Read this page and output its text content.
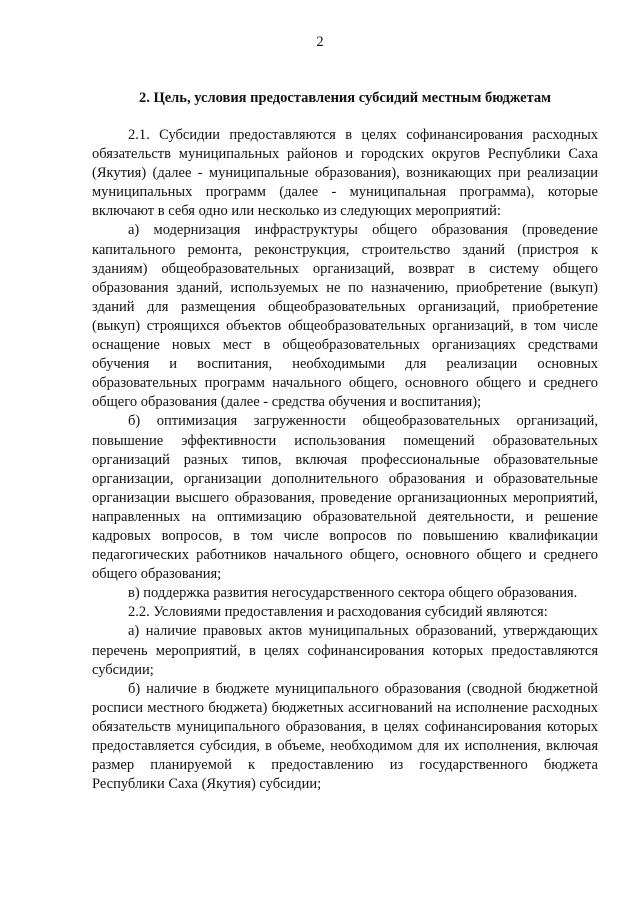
2
2. Цель, условия предоставления субсидий местным бюджетам

2.1. Субсидии предоставляются в целях софинансирования расходных обязательств муниципальных районов и городских округов Республики Саха (Якутия) (далее - муниципальные образования), возникающих при реализации муниципальных программ (далее - муниципальная программа), которые включают в себя одно или несколько из следующих мероприятий:

а) модернизация инфраструктуры общего образования (проведение капитального ремонта, реконструкция, строительство зданий (пристроя к зданиям) общеобразовательных организаций, возврат в систему общего образования зданий, используемых не по назначению, приобретение (выкуп) зданий для размещения общеобразовательных организаций, приобретение (выкуп) строящихся объектов общеобразовательных организаций, в том числе оснащение новых мест в общеобразовательных организациях средствами обучения и воспитания, необходимыми для реализации основных образовательных программ начального общего, основного общего и среднего общего образования (далее - средства обучения и воспитания);

б) оптимизация загруженности общеобразовательных организаций, повышение эффективности использования помещений образовательных организаций разных типов, включая профессиональные образовательные организации, организации дополнительного образования и образовательные организации высшего образования, проведение организационных мероприятий, направленных на оптимизацию образовательной деятельности, и решение кадровых вопросов, в том числе вопросов по повышению квалификации педагогических работников начального общего, основного общего и среднего общего образования;

в) поддержка развития негосударственного сектора общего образования.

2.2. Условиями предоставления и расходования субсидий являются:

а) наличие правовых актов муниципальных образований, утверждающих перечень мероприятий, в целях софинансирования которых предоставляются субсидии;

б) наличие в бюджете муниципального образования (сводной бюджетной росписи местного бюджета) бюджетных ассигнований на исполнение расходных обязательств муниципального образования, в целях софинансирования которых предоставляется субсидия, в объеме, необходимом для их исполнения, включая размер планируемой к предоставлению из государственного бюджета Республики Саха (Якутия) субсидии;
